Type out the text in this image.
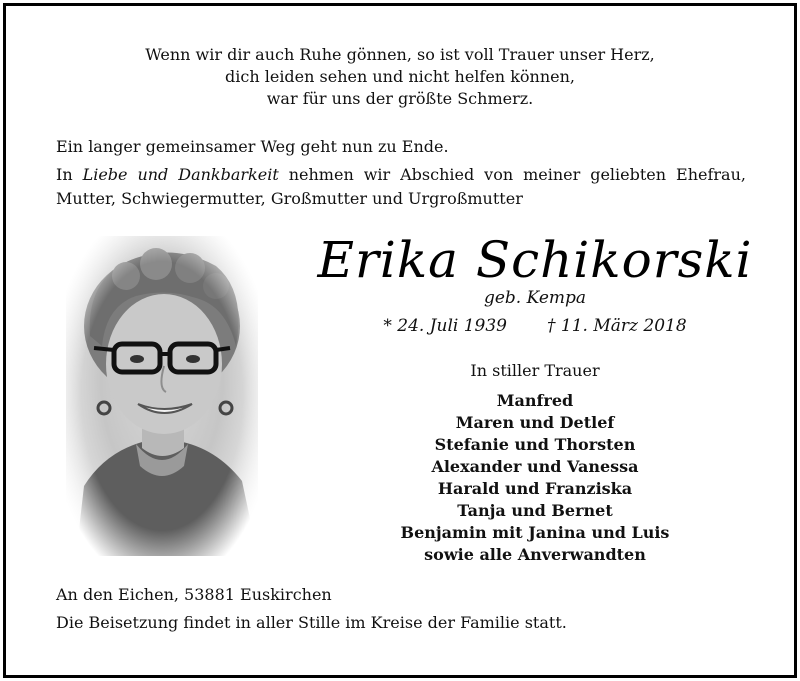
Wenn wir dir auch Ruhe gönnen, so ist voll Trauer unser Herz,
dich leiden sehen und nicht helfen können,
war für uns der größte Schmerz.
Ein langer gemeinsamer Weg geht nun zu Ende.
In Liebe und Dankbarkeit nehmen wir Abschied von meiner geliebten Ehefrau, Mutter, Schwiegermutter, Großmutter und Urgroßmutter
Erika Schikorski
geb. Kempa
* 24. Juli 1939 † 11. März 2018
In stiller Trauer
Manfred
Maren und Detlef
Stefanie und Thorsten
Alexander und Vanessa
Harald und Franziska
Tanja und Bernet
Benjamin mit Janina und Luis
sowie alle Anverwandten
An den Eichen, 53881 Euskirchen
Die Beisetzung findet in aller Stille im Kreise der Familie statt.
